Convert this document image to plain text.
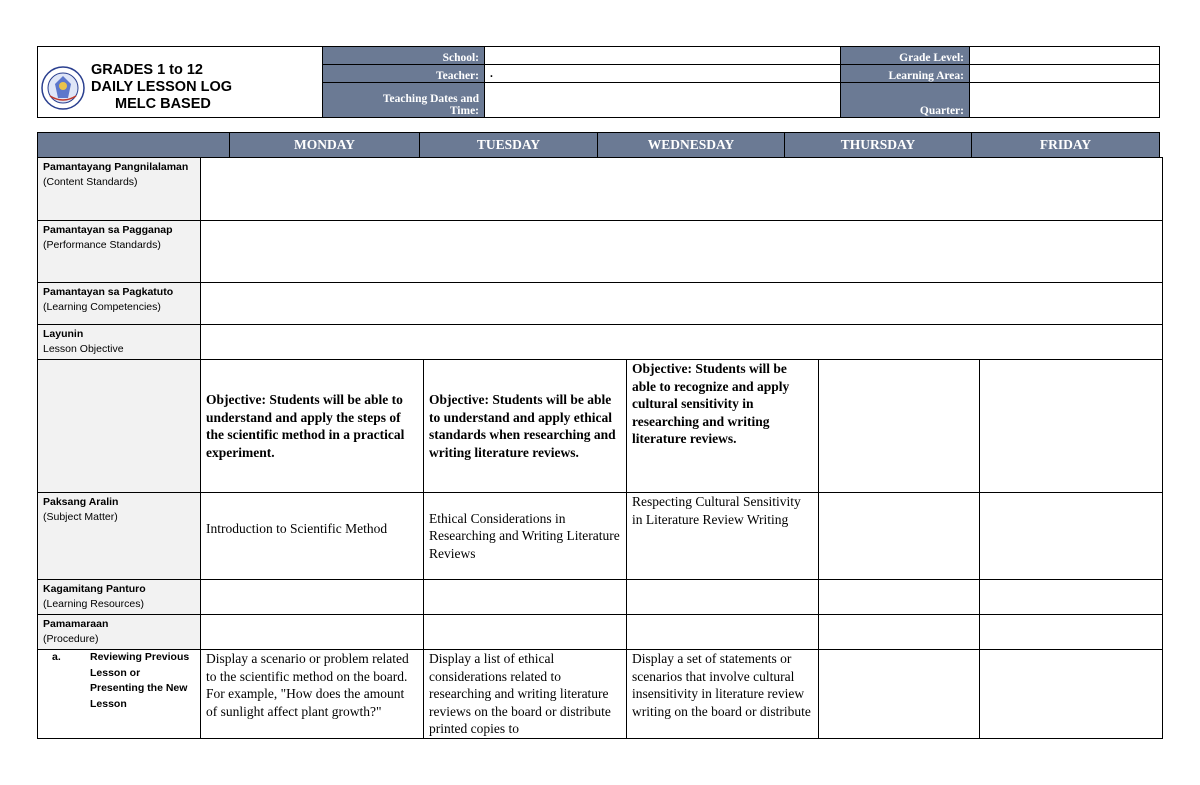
GRADES 1 to 12
DAILY LESSON LOG
MELC BASED
School:		Grade Level:	
Teacher:	.	Learning Area:	

Teaching Dates and
Time:		Quarter:	
	MONDAY	TUESDAY	WEDNESDAY	THURSDAY	FRIDAY
Pamantayang Pangnilalaman
(Content Standards)					
Pamantayan sa Pagganap
(Performance Standards)					
Pamantayan sa Pagkatuto
(Learning Competencies)					
Layunin
Lesson Objective					

	Objective: Students will be able to understand and apply the steps of the scientific method in a practical experiment.	Objective: Students will be able to understand and apply ethical standards when researching and writing literature reviews.	Objective: Students will be able to recognize and apply cultural sensitivity in researching and writing literature reviews.		

Paksang Aralin
(Subject Matter)	Introduction to Scientific Method	Ethical Considerations in Researching and Writing Literature Reviews	Respecting Cultural Sensitivity in Literature Review Writing		

Kagamitang Panturo
(Learning Resources)					
Pamamaraan
(Procedure)					

a. Reviewing Previous Lesson or Presenting the New Lesson	Display a scenario or problem related to the scientific method on the board. For example, "How does the amount of sunlight affect plant growth?"	Display a list of ethical considerations related to researching and writing literature reviews on the board or distribute printed copies to	Display a set of statements or scenarios that involve cultural insensitivity in literature review writing on the board or distribute		
